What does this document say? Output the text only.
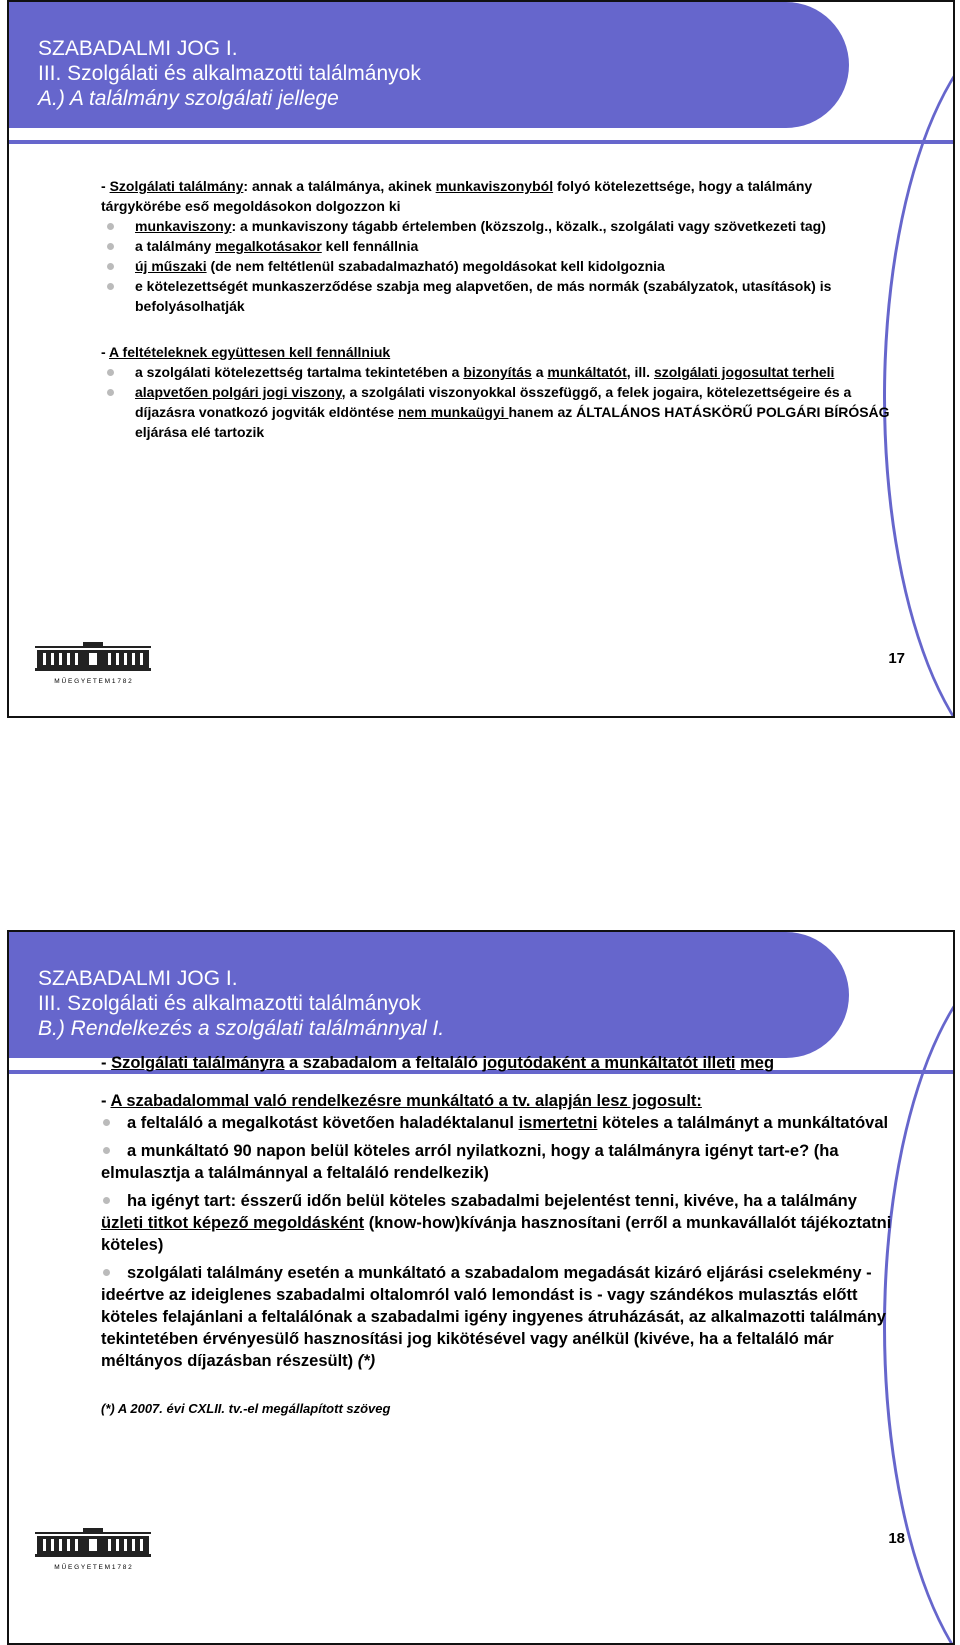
SZABADALMI JOG I.
III. Szolgálati és alkalmazotti találmányok
A.) A találmány szolgálati jellege

- Szolgálati találmány: annak a találmánya, akinek munkaviszonyból folyó kötelezettsége, hogy a találmány tárgykörébe eső megoldásokon dolgozzon ki

munkaviszony: a munkaviszony tágabb értelemben (közszolg., közalk., szolgálati vagy szövetkezeti tag)

a találmány megalkotásakor kell fennállnia

új műszaki (de nem feltétlenül szabadalmazható) megoldásokat kell kidolgoznia

e kötelezettségét munkaszerződése szabja meg alapvetően, de más normák (szabályzatok, utasítások) is befolyásolhatják

- A feltételeknek együttesen kell fennállniuk

a szolgálati kötelezettség tartalma tekintetében a bizonyítás a munkáltatót, ill. szolgálati jogosultat terheli

alapvetően polgári jogi viszony, a szolgálati viszonyokkal összefüggő, a felek jogaira, kötelezettségeire és a díjazásra vonatkozó jogviták eldöntése nem munkaügyi hanem az ÁLTALÁNOS HATÁSKÖRŰ POLGÁRI BÍRÓSÁG eljárása elé tartozik

M Ű E G Y E T E M 1 7 8 2
17
SZABADALMI JOG I.
III. Szolgálati és alkalmazotti találmányok
B.) Rendelkezés a szolgálati találmánnyal I.

- Szolgálati találmányra a szabadalom a feltaláló jogutódaként a munkáltatót illeti meg

- A szabadalommal való rendelkezésre munkáltató a tv. alapján lesz jogosult:

a feltaláló a megalkotást követően haladéktalanul ismertetni köteles a találmányt a munkáltatóval

a munkáltató 90 napon belül köteles arról nyilatkozni, hogy a találmányra igényt tart-e? (ha elmulasztja a találmánnyal a feltaláló rendelkezik)

ha igényt tart: ésszerű időn belül köteles szabadalmi bejelentést tenni, kivéve, ha a találmány üzleti titkot képező megoldásként (know-how)kívánja hasznosítani (erről a munkavállalót tájékoztatni köteles)

szolgálati találmány esetén a munkáltató a szabadalom megadását kizáró eljárási cselekmény - ideértve az ideiglenes szabadalmi oltalomról való lemondást is - vagy szándékos mulasztás előtt köteles felajánlani a feltalálónak a szabadalmi igény ingyenes átruházását, az alkalmazotti találmány tekintetében érvényesülő hasznosítási jog kikötésével vagy anélkül (kivéve, ha a feltaláló már méltányos díjazásban részesült) (*)

(*) A 2007. évi CXLII. tv.-el megállapított szöveg

M Ű E G Y E T E M 1 7 8 2
18
